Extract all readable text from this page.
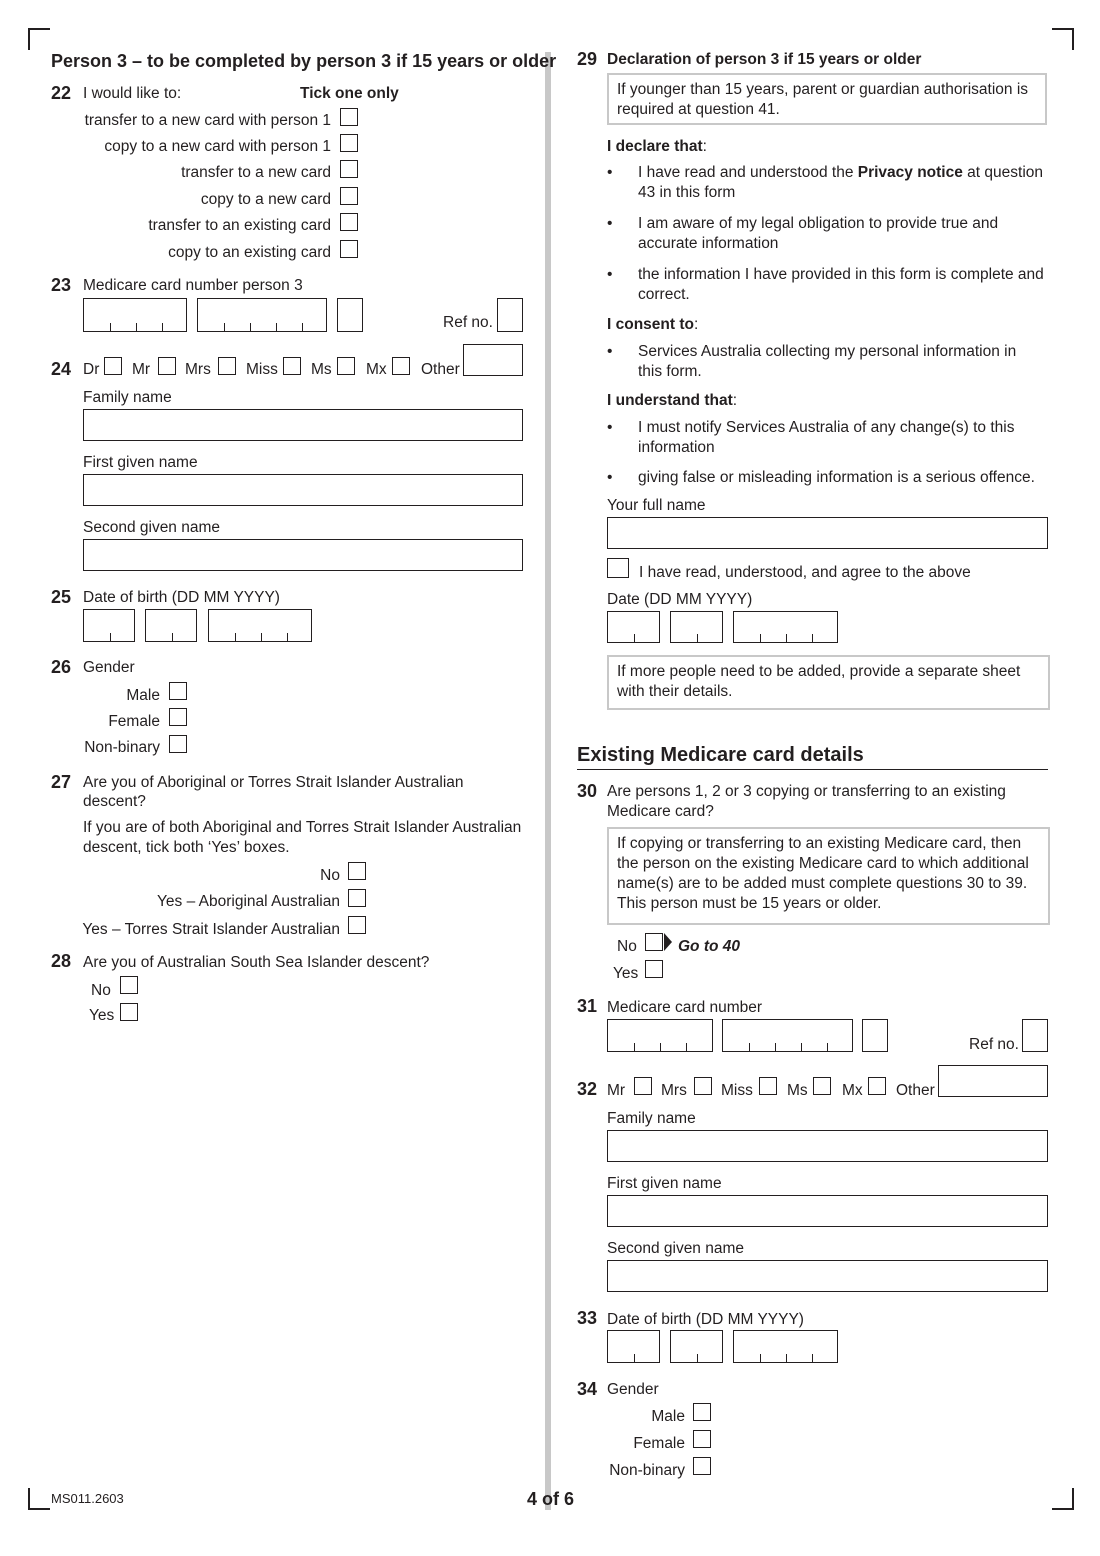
Person 3 – to be completed by person 3 if 15 years or older
22 I would like to:	Tick one only
transfer to a new card with person 1
copy to a new card with person 1
transfer to a new card
copy to a new card
transfer to an existing card
copy to an existing card
23 Medicare card number person 3
Ref no.
24 Dr Mr Mrs Miss Ms Mx Other
Family name
First given name
Second given name
25 Date of birth (DD MM YYYY)
26 Gender
Male
Female
Non-binary
27 Are you of Aboriginal or Torres Strait Islander Australian
descent?
If you are of both Aboriginal and Torres Strait Islander Australian
descent, tick both ‘Yes’ boxes.
No
Yes – Aboriginal Australian
Yes – Torres Strait Islander Australian
28 Are you of Australian South Sea Islander descent?
No
Yes
29 Declaration of person 3 if 15 years or older
If younger than 15 years, parent or guardian authorisation is required at question 41.
I declare that:
• I have read and understood the Privacy notice at question 43 in this form
• I am aware of my legal obligation to provide true and accurate information
• the information I have provided in this form is complete and correct.
I consent to:
• Services Australia collecting my personal information in this form.
I understand that:
• I must notify Services Australia of any change(s) to this information
• giving false or misleading information is a serious offence.
Your full name
I have read, understood, and agree to the above
Date (DD MM YYYY)
If more people need to be added, provide a separate sheet with their details.
Existing Medicare card details
30 Are persons 1, 2 or 3 copying or transferring to an existing Medicare card?
If copying or transferring to an existing Medicare card, then the person on the existing Medicare card to which additional name(s) are to be added must complete questions 30 to 39. This person must be 15 years or older.
No	Go to 40
Yes
31 Medicare card number
Ref no.
32 Mr Mrs Miss Ms Mx Other
Family name
First given name
Second given name
33 Date of birth (DD MM YYYY)
34 Gender
Male
Female
Non-binary
MS011.2603	4 of 6
